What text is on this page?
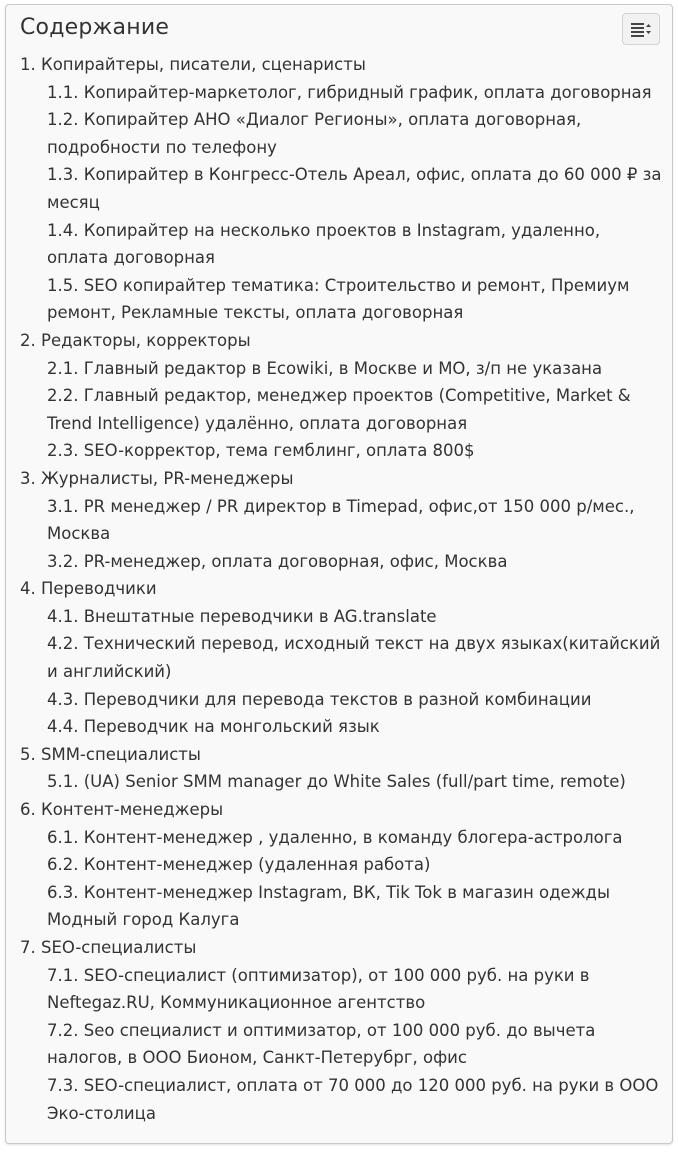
Содержание
1. Копирайтеры, писатели, сценаристы
1.1. Копирайтер-маркетолог, гибридный график, оплата договорная
1.2. Копирайтер АНО «Диалог Регионы», оплата договорная, подробности по телефону
1.3. Копирайтер в Конгресс-Отель Ареал, офис, оплата до 60 000 ₽ за месяц
1.4. Копирайтер на несколько проектов в Instagram, удаленно, оплата договорная
1.5. SEO копирайтер тематика: Строительство и ремонт, Премиум ремонт, Рекламные тексты, оплата договорная
2. Редакторы, корректоры
2.1. Главный редактор в Ecowiki, в Москве и МО, з/п не указана
2.2. Главный редактор, менеджер проектов (Competitive, Market & Trend Intelligence) удалённо, оплата договорная
2.3. SEO-корректор, тема гемблинг, оплата 800$
3. Журналисты, PR-менеджеры
3.1. PR менеджер / PR директор в Timepad, офис,от 150 000 р/мес., Москва
3.2. PR-менеджер, оплата договорная, офис, Москва
4. Переводчики
4.1. Внештатные переводчики в AG.translate
4.2. Технический перевод, исходный текст на двух языках(китайский и английский)
4.3. Переводчики для перевода текстов в разной комбинации
4.4. Переводчик на монгольский язык
5. SMM-специалисты
5.1. (UA) Senior SMM manager до White Sales (full/part time, remote)
6. Контент-менеджеры
6.1. Контент-менеджер , удаленно, в команду блогера-астролога
6.2. Контент-менеджер (удаленная работа)
6.3. Контент-менеджер Instagram, ВК, Tik Tok в магазин одежды Модный город Калуга
7. SEO-специалисты
7.1. SEO-специалист (оптимизатор), от 100 000 руб. на руки в Neftegaz.RU, Коммуникационное агентство
7.2. Seo специалист и оптимизатор, от 100 000 руб. до вычета налогов, в ООО Бионом, Санкт-Петерубрг, офис
7.3. SEO-специалист, оплата от 70 000 до 120 000 руб. на руки в ООО Эко-столица
